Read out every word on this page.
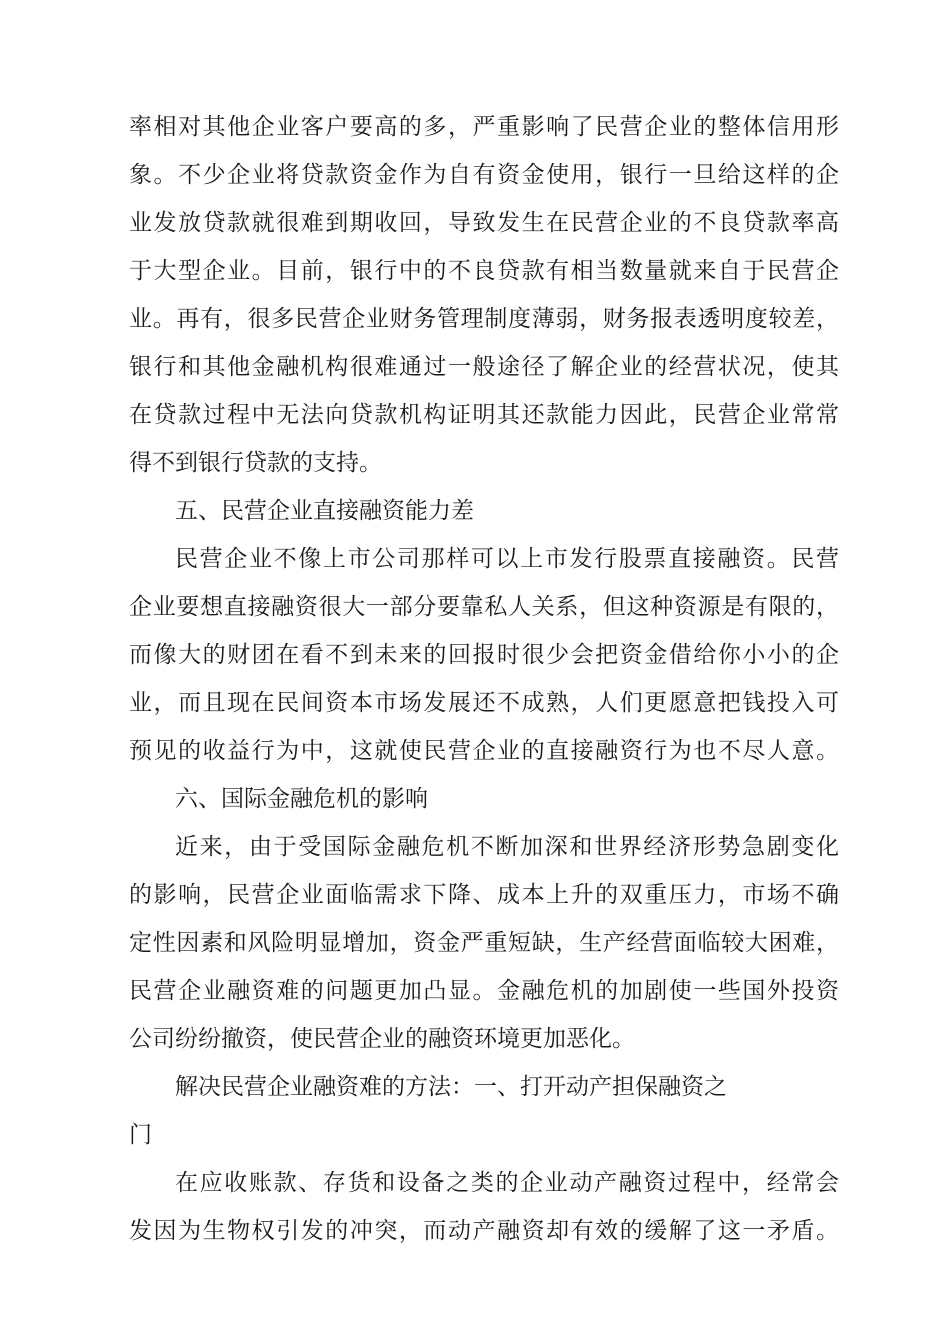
率相对其他企业客户要高的多，严重影响了民营企业的整体信用形
象。不少企业将贷款资金作为自有资金使用，银行一旦给这样的企
业发放贷款就很难到期收回，导致发生在民营企业的不良贷款率高
于大型企业。目前，银行中的不良贷款有相当数量就来自于民营企
业。再有，很多民营企业财务管理制度薄弱，财务报表透明度较差，
银行和其他金融机构很难通过一般途径了解企业的经营状况，使其
在贷款过程中无法向贷款机构证明其还款能力因此，民营企业常常
得不到银行贷款的支持。
五、民营企业直接融资能力差
民营企业不像上市公司那样可以上市发行股票直接融资。民营
企业要想直接融资很大一部分要靠私人关系，但这种资源是有限的，
而像大的财团在看不到未来的回报时很少会把资金借给你小小的企
业，而且现在民间资本市场发展还不成熟，人们更愿意把钱投入可
预见的收益行为中，这就使民营企业的直接融资行为也不尽人意。
六、国际金融危机的影响
近来，由于受国际金融危机不断加深和世界经济形势急剧变化
的影响，民营企业面临需求下降、成本上升的双重压力，市场不确
定性因素和风险明显增加，资金严重短缺，生产经营面临较大困难，
民营企业融资难的问题更加凸显。金融危机的加剧使一些国外投资
公司纷纷撤资，使民营企业的融资环境更加恶化。
解决民营企业融资难的方法：一、打开动产担保融资之
门
在应收账款、存货和设备之类的企业动产融资过程中，经常会
发因为生物权引发的冲突，而动产融资却有效的缓解了这一矛盾。
